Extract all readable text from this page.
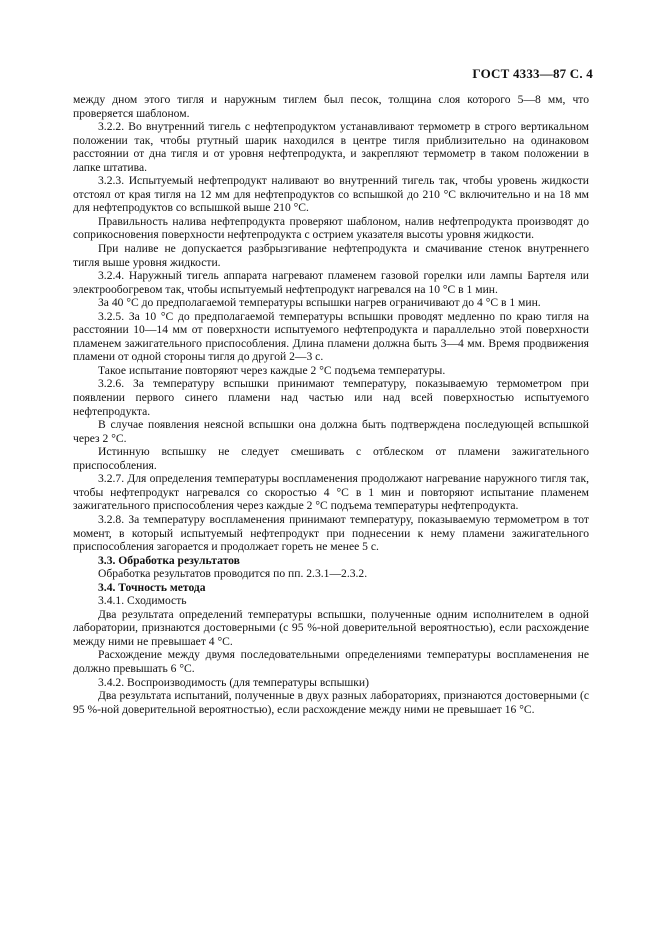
ГОСТ 4333—87 С. 4

между дном этого тигля и наружным тиглем был песок, толщина слоя которого 5—8 мм, что проверяется шаблоном.

3.2.2. Во внутренний тигель с нефтепродуктом устанавливают термометр в строго вертикальном положении так, чтобы ртутный шарик находился в центре тигля приблизительно на одинаковом расстоянии от дна тигля и от уровня нефтепродукта, и закрепляют термометр в таком положении в лапке штатива.

3.2.3. Испытуемый нефтепродукт наливают во внутренний тигель так, чтобы уровень жидкости отстоял от края тигля на 12 мм для нефтепродуктов со вспышкой до 210 °С включительно и на 18 мм для нефтепродуктов со вспышкой выше 210 °С.

Правильность налива нефтепродукта проверяют шаблоном, налив нефтепродукта производят до соприкосновения поверхности нефтепродукта с острием указателя высоты уровня жидкости.

При наливе не допускается разбрызгивание нефтепродукта и смачивание стенок внутреннего тигля выше уровня жидкости.

3.2.4. Наружный тигель аппарата нагревают пламенем газовой горелки или лампы Бартеля или электрообогревом так, чтобы испытуемый нефтепродукт нагревался на 10 °С в 1 мин.

За 40 °С до предполагаемой температуры вспышки нагрев ограничивают до 4 °С в 1 мин.

3.2.5. За 10 °С до предполагаемой температуры вспышки проводят медленно по краю тигля на расстоянии 10—14 мм от поверхности испытуемого нефтепродукта и параллельно этой поверхности пламенем зажигательного приспособления. Длина пламени должна быть 3—4 мм. Время продвижения пламени от одной стороны тигля до другой 2—3 с.

Такое испытание повторяют через каждые 2 °С подъема температуры.

3.2.6. За температуру вспышки принимают температуру, показываемую термометром при появлении первого синего пламени над частью или над всей поверхностью испытуемого нефтепродукта.

В случае появления неясной вспышки она должна быть подтверждена последующей вспышкой через 2 °С.

Истинную вспышку не следует смешивать с отблеском от пламени зажигательного приспособления.

3.2.7. Для определения температуры воспламенения продолжают нагревание наружного тигля так, чтобы нефтепродукт нагревался со скоростью 4 °С в 1 мин и повторяют испытание пламенем зажигательного приспособления через каждые 2 °С подъема температуры нефтепродукта.

3.2.8. За температуру воспламенения принимают температуру, показываемую термометром в тот момент, в который испытуемый нефтепродукт при поднесении к нему пламени зажигательного приспособления загорается и продолжает гореть не менее 5 с.

3.3. Обработка результатов

Обработка результатов проводится по пп. 2.3.1—2.3.2.

3.4. Точность метода

3.4.1. Сходимость

Два результата определений температуры вспышки, полученные одним исполнителем в одной лаборатории, признаются достоверными (с 95 %-ной доверительной вероятностью), если расхождение между ними не превышает 4 °С.

Расхождение между двумя последовательными определениями температуры воспламенения не должно превышать 6 °С.

3.4.2. Воспроизводимость (для температуры вспышки)

Два результата испытаний, полученные в двух разных лабораториях, признаются достоверными (с 95 %-ной доверительной вероятностью), если расхождение между ними не превышает 16 °С.
